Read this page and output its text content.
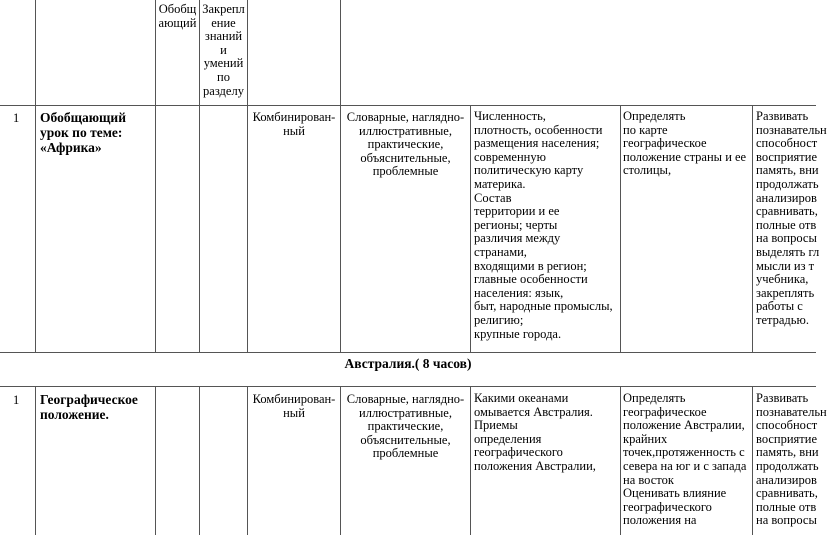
Обобщ
ающий
Закрепл
ение
знаний
и
умений
по
разделу
1 Обобщающий
урок по теме:
«Африка»
Комбинирован-
ный
Словарные, наглядно-
иллюстративные,
практические,
объяснительные,
проблемные
Численность,
плотность, особенности
размещения населения;
современную
политическую карту
материка.
Состав
территории и ее
регионы; черты
различия между
странами,
входящими в регион;
главные особенности
населения: язык,
быт, народные промыслы,
религию;
крупные города.
Определять
по карте
географическое
положение страны и ее
столицы,
Развивать
познавательн
способност
восприятие
память, вни
продолжать
анализиров
сравнивать,
полные отв
на вопросы
выделять гл
мысли из т
учебника,
закреплять
работы с
тетрадью.
Австралия.( 8 часов)
1 Географическое
положение.
Комбинирован-
ный
Словарные, наглядно-
иллюстративные,
практические,
объяснительные,
проблемные
Какими океанами
омывается Австралия.
Приемы
определения
географического
положения Австралии,
Определять
географическое
положение Австралии,
крайних
точек,протяженность с
севера на юг и с запада
на восток
Оценивать влияние
географического
положения на
Развивать
познавательн
способност
восприятие
память, вни
продолжать
анализиров
сравнивать,
полные отв
на вопросы
